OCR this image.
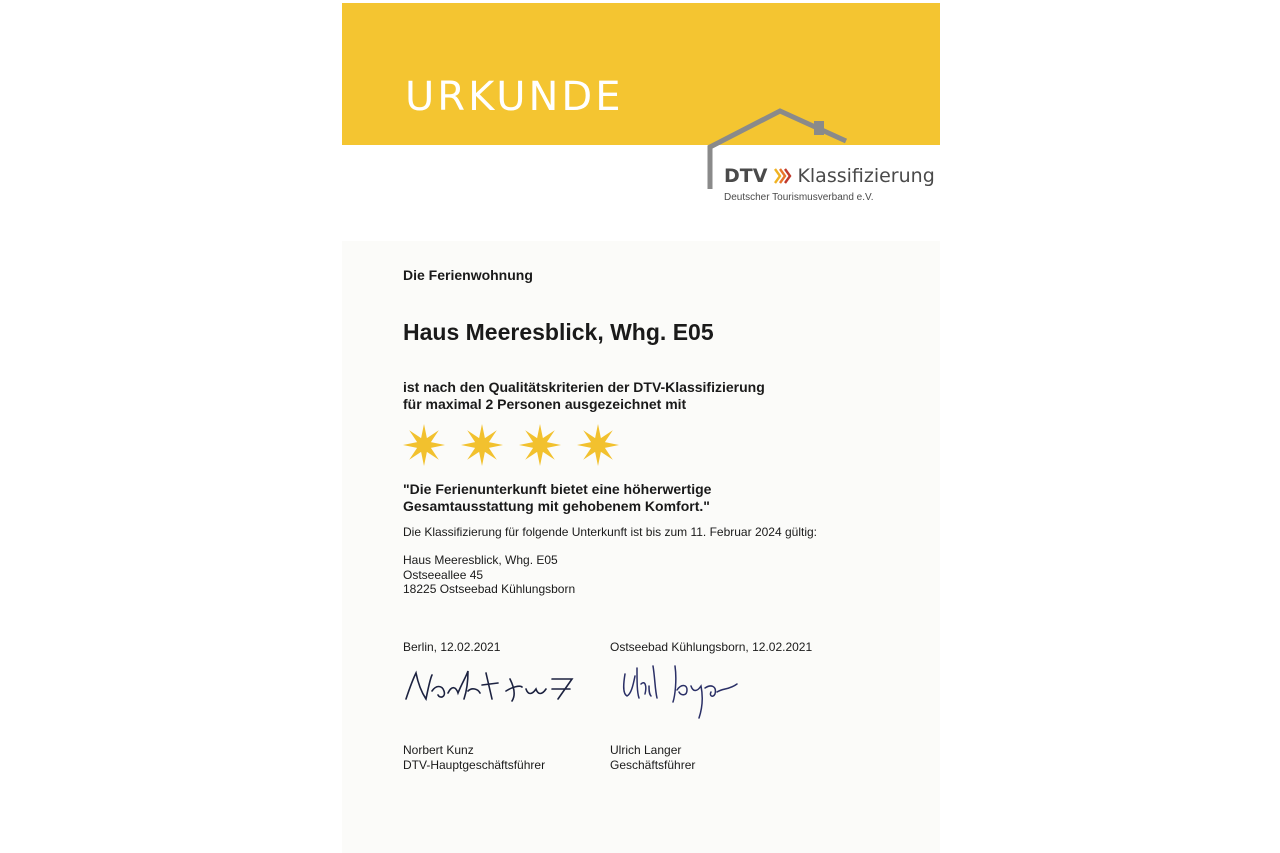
URKUNDE
DTV Klassifizierung
Deutscher Tourismusverband e.V.
Die Ferienwohnung
Haus Meeresblick, Whg. E05
ist nach den Qualitätskriterien der DTV-Klassifizierung
für maximal 2 Personen ausgezeichnet mit
"Die Ferienunterkunft bietet eine höherwertige
Gesamtausstattung mit gehobenem Komfort."
Die Klassifizierung für folgende Unterkunft ist bis zum 11. Februar 2024 gültig:
Haus Meeresblick, Whg. E05
Ostseeallee 45
18225 Ostseebad Kühlungsborn
Berlin, 12.02.2021	Ostseebad Kühlungsborn, 12.02.2021
Norbert Kunz
DTV-Hauptgeschäftsführer
Ulrich Langer
Geschäftsführer
